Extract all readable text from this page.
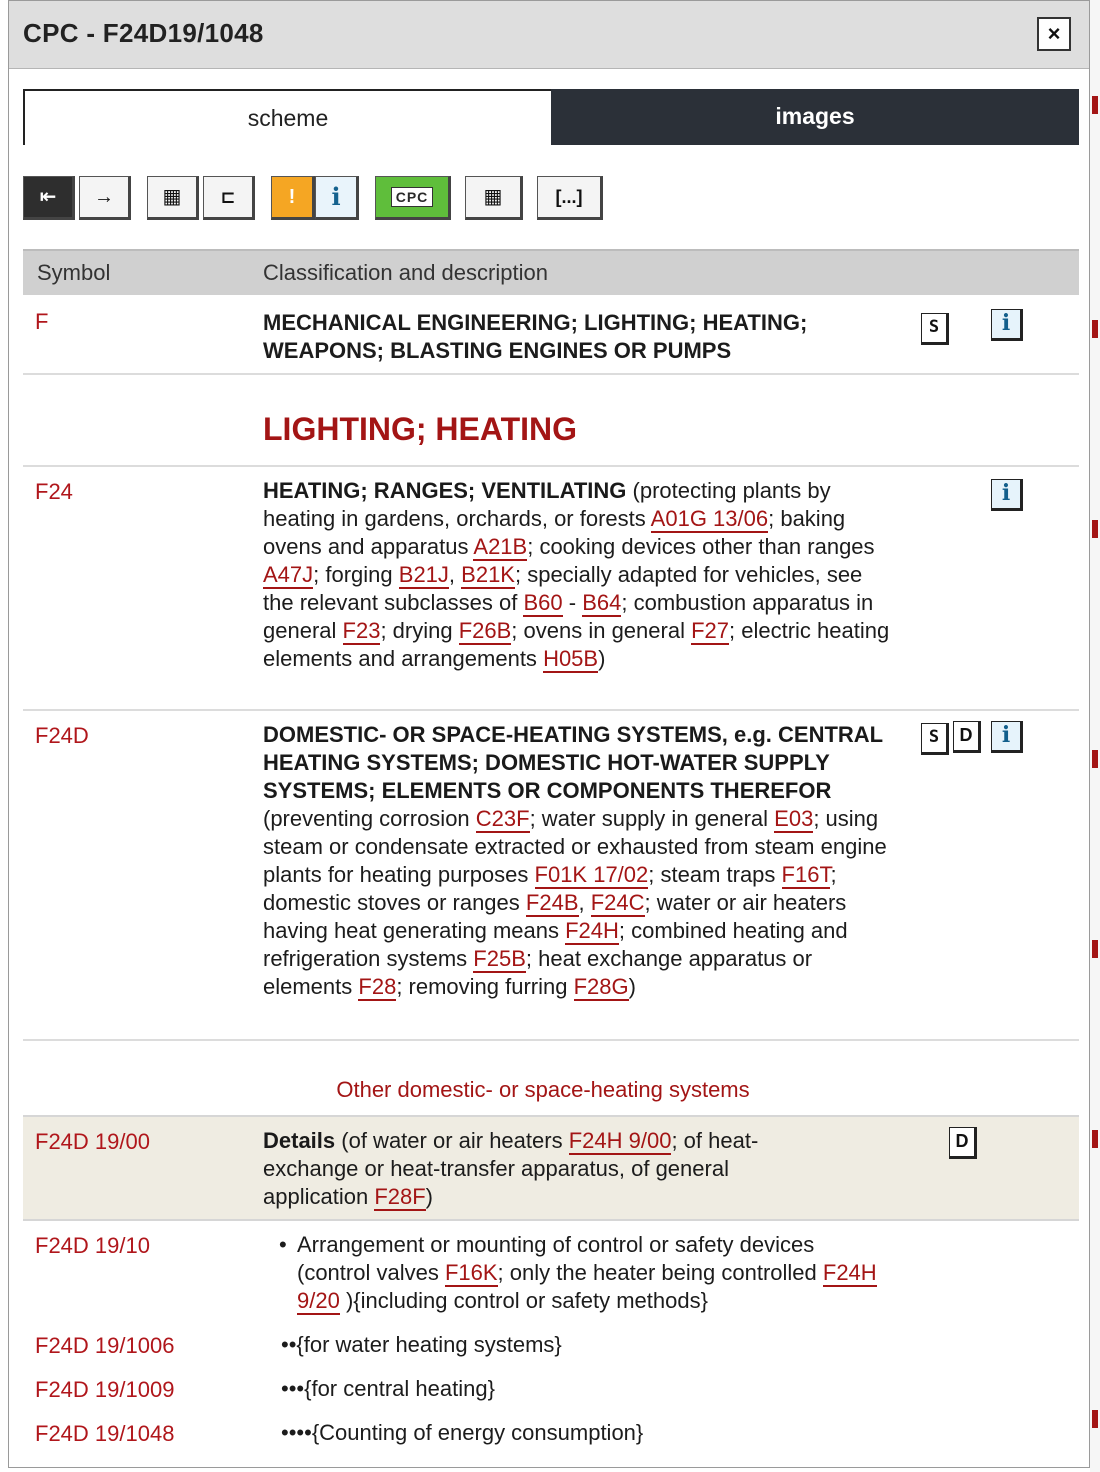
CPC - F24D19/1048	×
scheme	images
⇤	→	▦	⊏	!	i	CPC	▦	[...]
Symbol	Classification and description
F	MECHANICAL ENGINEERING; LIGHTING; HEATING; WEAPONS; BLASTING ENGINES OR PUMPS
S	i
LIGHTING; HEATING
F24	HEATING; RANGES; VENTILATING (protecting plants by heating in gardens, orchards, or forests A01G 13/06; baking ovens and apparatus A21B; cooking devices other than ranges A47J; forging B21J, B21K; specially adapted for vehicles, see the relevant subclasses of B60 - B64; combustion apparatus in general F23; drying F26B; ovens in general F27; electric heating elements and arrangements H05B)
i
F24D	DOMESTIC- OR SPACE-HEATING SYSTEMS, e.g. CENTRAL HEATING SYSTEMS; DOMESTIC HOT-WATER SUPPLY SYSTEMS; ELEMENTS OR COMPONENTS THEREFOR (preventing corrosion C23F; water supply in general E03; using steam or condensate extracted or exhausted from steam engine plants for heating purposes F01K 17/02; steam traps F16T; domestic stoves or ranges F24B, F24C; water or air heaters having heat generating means F24H; combined heating and refrigeration systems F25B; heat exchange apparatus or elements F28; removing furring F28G)
S	D	i
Other domestic- or space-heating systems
F24D 19/00	Details (of water or air heaters F24H 9/00; of heat-exchange or heat-transfer apparatus, of general application F28F)
D
F24D 19/10	• Arrangement or mounting of control or safety devices (control valves F16K; only the heater being controlled F24H 9/20 ){including control or safety methods}
F24D 19/1006	••{for water heating systems}
F24D 19/1009	•••{for central heating}
F24D 19/1048	••••{Counting of energy consumption}
